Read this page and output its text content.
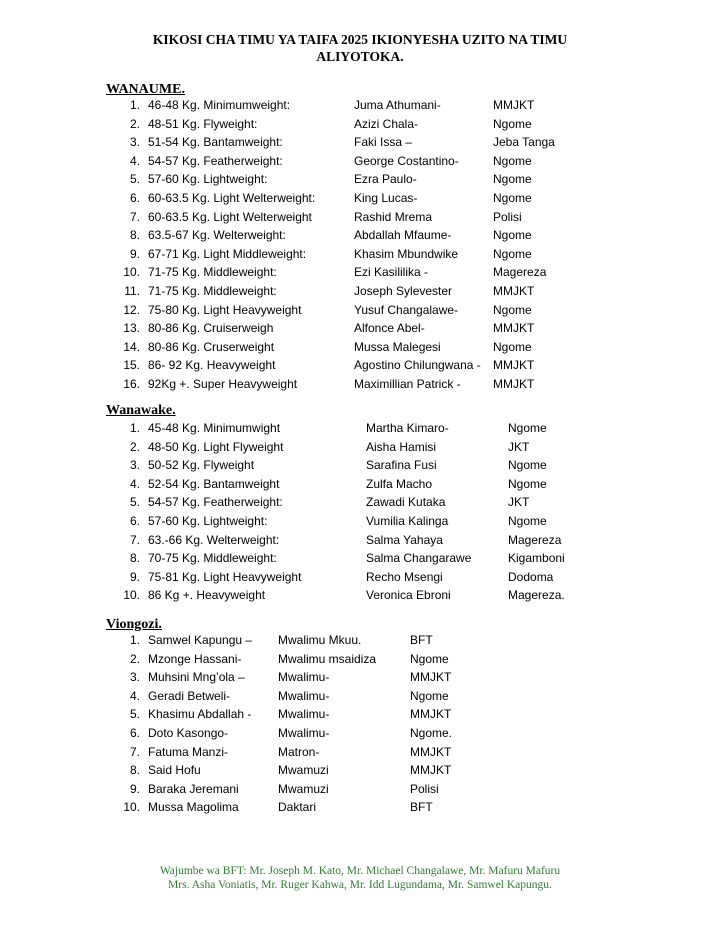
KIKOSI CHA TIMU YA TAIFA 2025 IKIONYESHA UZITO NA TIMU
ALIYOTOKA.
WANAUME.
1. 46-48 Kg. Minimumweight:	Juma Athumani-	MMJKT
2. 48-51 Kg. Flyweight:	Azizi Chala-	Ngome
3. 51-54 Kg. Bantamweight:	Faki Issa –	Jeba Tanga
4. 54-57 Kg. Featherweight:	George Costantino-	Ngome
5. 57-60 Kg. Lightweight:	Ezra Paulo-	Ngome
6. 60-63.5 Kg. Light Welterweight:	King Lucas-	Ngome
7. 60-63.5 Kg. Light Welterweight	Rashid Mrema	Polisi
8. 63.5-67 Kg. Welterweight:	Abdallah Mfaume-	Ngome
9. 67-71 Kg. Light Middleweight:	Khasim Mbundwike	Ngome
10. 71-75 Kg. Middleweight:	Ezi Kasililika -	Magereza
11. 71-75 Kg. Middleweight:	Joseph Sylevester	MMJKT
12. 75-80 Kg. Light Heavyweight	Yusuf Changalawe-	Ngome
13. 80-86 Kg. Cruiserweigh	Alfonce Abel-	MMJKT
14. 80-86 Kg. Cruserweight	Mussa Malegesi	Ngome
15. 86- 92 Kg. Heavyweight	Agostino Chilungwana - MMJKT
16. 92Kg +. Super Heavyweight	Maximillian Patrick -	MMJKT
Wanawake.
1. 45-48 Kg. Minimumwight	Martha Kimaro-	Ngome
2. 48-50 Kg. Light Flyweight	Aisha Hamisi	JKT
3. 50-52 Kg. Flyweight	Sarafina Fusi	Ngome
4. 52-54 Kg. Bantamweight	Zulfa Macho	Ngome
5. 54-57 Kg. Featherweight:	Zawadi Kutaka	JKT
6. 57-60 Kg. Lightweight:	Vumilia Kalinga	Ngome
7. 63.-66 Kg. Welterweight:	Salma Yahaya	Magereza
8. 70-75 Kg. Middleweight:	Salma Changarawe	Kigamboni
9. 75-81 Kg. Light Heavyweight	Recho Msengi	Dodoma
10. 86 Kg +. Heavyweight	Veronica Ebroni	Magereza.
Viongozi.
1. Samwel Kapungu – Mwalimu Mkuu.	BFT
2. Mzonge Hassani-	Mwalimu msaidiza	Ngome
3. Muhsini Mng’ola –	Mwalimu-	MMJKT
4. Geradi Betweli-	Mwalimu-	Ngome
5. Khasimu Abdallah - Mwalimu-	MMJKT
6. Doto Kasongo-	Mwalimu-	Ngome.
7. Fatuma Manzi-	Matron-	MMJKT
8. Said Hofu	Mwamuzi	MMJKT
9. Baraka Jeremani	Mwamuzi	Polisi
10. Mussa Magolima	Daktari	BFT
Wajumbe wa BFT: Mr. Joseph M. Kato, Mr. Michael Changalawe, Mr. Mafuru Mafuru
Mrs. Asha Voniatis, Mr. Ruger Kahwa, Mr. Idd Lugundama, Mr. Samwel Kapungu.
